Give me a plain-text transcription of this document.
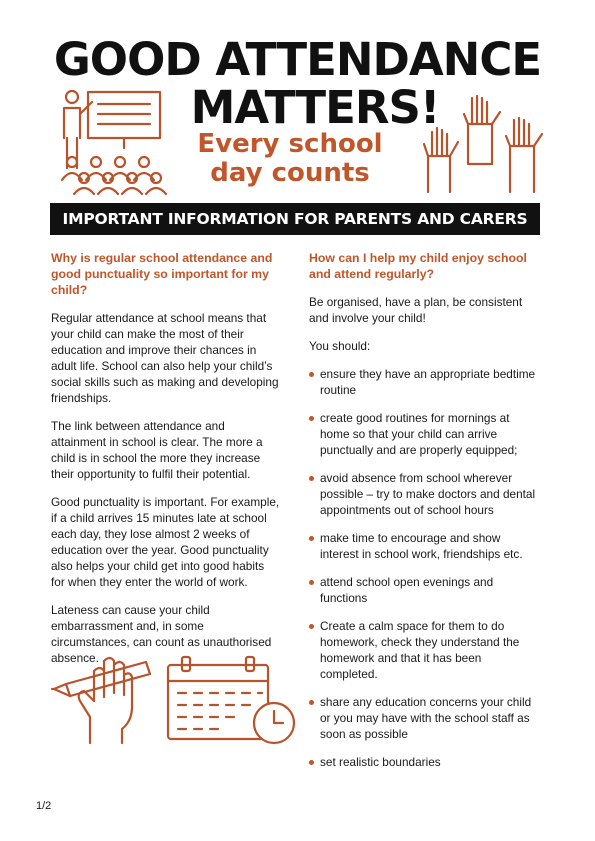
GOOD ATTENDANCE
MATTERS!
Every school
day counts
IMPORTANT INFORMATION FOR PARENTS AND CARERS
Why is regular school attendance and good punctuality so important for my child?

Regular attendance at school means that your child can make the most of their education and improve their chances in adult life. School can also help your child’s social skills such as making and developing friendships.

The link between attendance and attainment in school is clear. The more a child is in school the more they increase their opportunity to fulfil their potential.

Good punctuality is important. For example, if a child arrives 15 minutes late at school each day, they lose almost 2 weeks of education over the year. Good punctuality also helps your child get into good habits for when they enter the world of work.

Lateness can cause your child embarrassment and, in some circumstances, can count as unauthorised absence.

How can I help my child enjoy school and attend regularly?

Be organised, have a plan, be consistent and involve your child!

You should:

ensure they have an appropriate bedtime routine
create good routines for mornings at home so that your child can arrive punctually and are properly equipped;
avoid absence from school wherever possible – try to make doctors and dental appointments out of school hours
make time to encourage and show interest in school work, friendships etc.
attend school open evenings and functions
Create a calm space for them to do homework, check they understand the homework and that it has been completed.
share any education concerns your child or you may have with the school staff as soon as possible
set realistic boundaries
1/2
